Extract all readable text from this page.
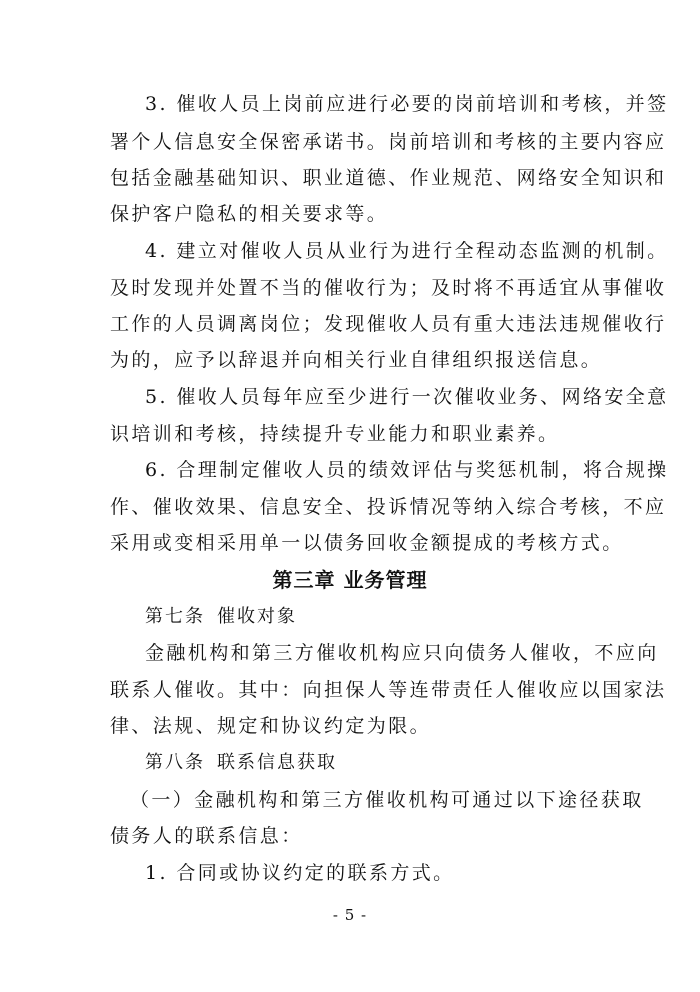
3. 催收人员上岗前应进行必要的岗前培训和考核，并签
署个人信息安全保密承诺书。岗前培训和考核的主要内容应
包括金融基础知识、职业道德、作业规范、网络安全知识和
保护客户隐私的相关要求等。
4. 建立对催收人员从业行为进行全程动态监测的机制。
及时发现并处置不当的催收行为；及时将不再适宜从事催收
工作的人员调离岗位；发现催收人员有重大违法违规催收行
为的，应予以辞退并向相关行业自律组织报送信息。
5. 催收人员每年应至少进行一次催收业务、网络安全意
识培训和考核，持续提升专业能力和职业素养。
6. 合理制定催收人员的绩效评估与奖惩机制，将合规操
作、催收效果、信息安全、投诉情况等纳入综合考核，不应
采用或变相采用单一以债务回收金额提成的考核方式。
第三章 业务管理
第七条 催收对象
金融机构和第三方催收机构应只向债务人催收，不应向
联系人催收。其中：向担保人等连带责任人催收应以国家法
律、法规、规定和协议约定为限。
第八条 联系信息获取
（一）金融机构和第三方催收机构可通过以下途径获取
债务人的联系信息：
1. 合同或协议约定的联系方式。
- 5 -
